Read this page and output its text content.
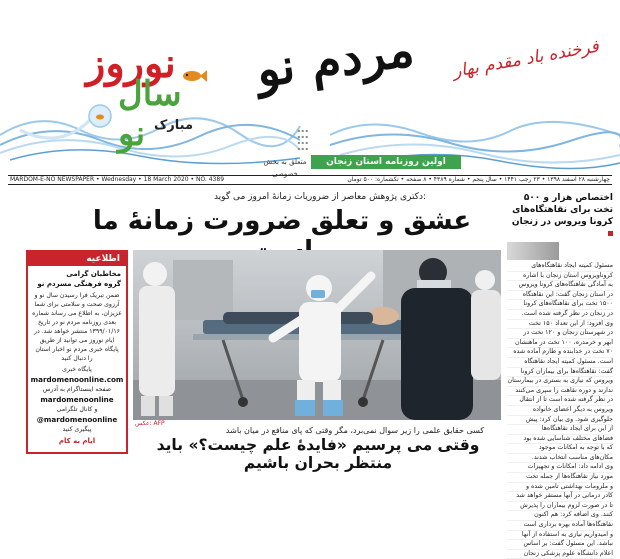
نوروز
سال نو مبارک
مردم نو	فرخنده باد مقدم بهار
▪ ▪ ▪
▪ ▪ ▪
▪ ▪ ▪
▪ ▪ ▪
متعلق به بخش خصوصی
اولین روزنامه استان زنجان
MARDOM-E-NO NEWSPAPER • Wednesday • 18 March 2020 • NO. 4389	چهارشنبه ۲۸ اسفند ۱۳۹۸ • ۲۳ رجب ۱۴۴۱ • سال پنجم • شماره ۴۳۸۹ • ۸ صفحه • تکشماره: ۵۰۰ تومان
دکتری پژوهش معاصر از ضروریات زمانهٔ امروز می گوید:
عشق و تعلق ضرورت زمانهٔ ما
اختصاص هزار و ۵۰۰ تخت برای نقاهتگاه‌های کرونا ویروس در زنجان
مسئول کمیته ایجاد نقاهتگاه‌های
کروناویروس استان زنجان با اشاره
به آمادگی نقاهتگاه‌های کرونا ویروس
در استان زنجان گفت: این نقاهتگاه
۱۵۰۰ تخت برای نقاهتگاه‌های کرونا
در زنجان در نظر گرفته شده است.
وی افزود: از این تعداد ۱۵۰ تخت
در شهرستان زنجان و ۱۲۰ تخت در
ابهر و خرمدره، ۱۰۰ تخت در ماهنشان
۷۰ تخت در خدابنده و طارم آماده شده
است. مسئول کمیته ایجاد نقاهتگاه
گفت: نقاهتگاه‌ها برای بیماران کرونا
ویروس که نیازی به بستری در بیمارستان
ندارند و دوره نقاهت را سپری می‌کنند
در نظر گرفته شده است تا از انتقال
ویروس به دیگر اعضای خانواده
جلوگیری شود. وی بیان کرد: پیش
از این برای ایجاد نقاهتگاه‌ها
فضاهای مختلف شناسایی شده بود
که با توجه به امکانات موجود
مکان‌های مناسب انتخاب شدند.
وی ادامه داد: امکانات و تجهیزات
مورد نیاز نقاهتگاه‌ها از جمله تخت
و ملزومات بهداشتی تامین شده و
کادر درمانی در آنها مستقر خواهد شد
تا در صورت لزوم بیماران را پذیرش
کنند. وی اضافه کرد: هم اکنون
نقاهتگاه‌ها آماده بهره برداری است
و امیدواریم نیازی به استفاده از آنها
نباشد. این مسئول گفت: بر اساس
اعلام دانشگاه علوم پزشکی زنجان
اطلاعیه
مخاطبان گرامی
گروه فرهنگی مسردم نو
ضمن تبریک فرا رسیدن سال نو و آرزوی صحت و سلامتی برای شما عزیزان، به اطلاع می رساند شماره بعدی روزنامه مردم نو در تاریخ ۱۳۹۹/۰۱/۱۶ منتشر خواهد شد. در ایام نوروز می توانید از طریق پایگاه خبری مردم نو اخبار استان را دنبال کنید
پایگاه خبری
mardomenoonline.com
صفحه اینستاگرام به آدرس
mardomenoonline
و کانال تلگرامی
@mardomenoonline
پیگیری کنید
ایام به کام
عکس: AFP
کسی حقایق علمی را زیر سوال نمی‌برد، مگر وقتی که پای منافع در میان باشد
وقتی می پرسیم «فایدهٔ علم چیست؟» باید منتظر بحران باشیم
